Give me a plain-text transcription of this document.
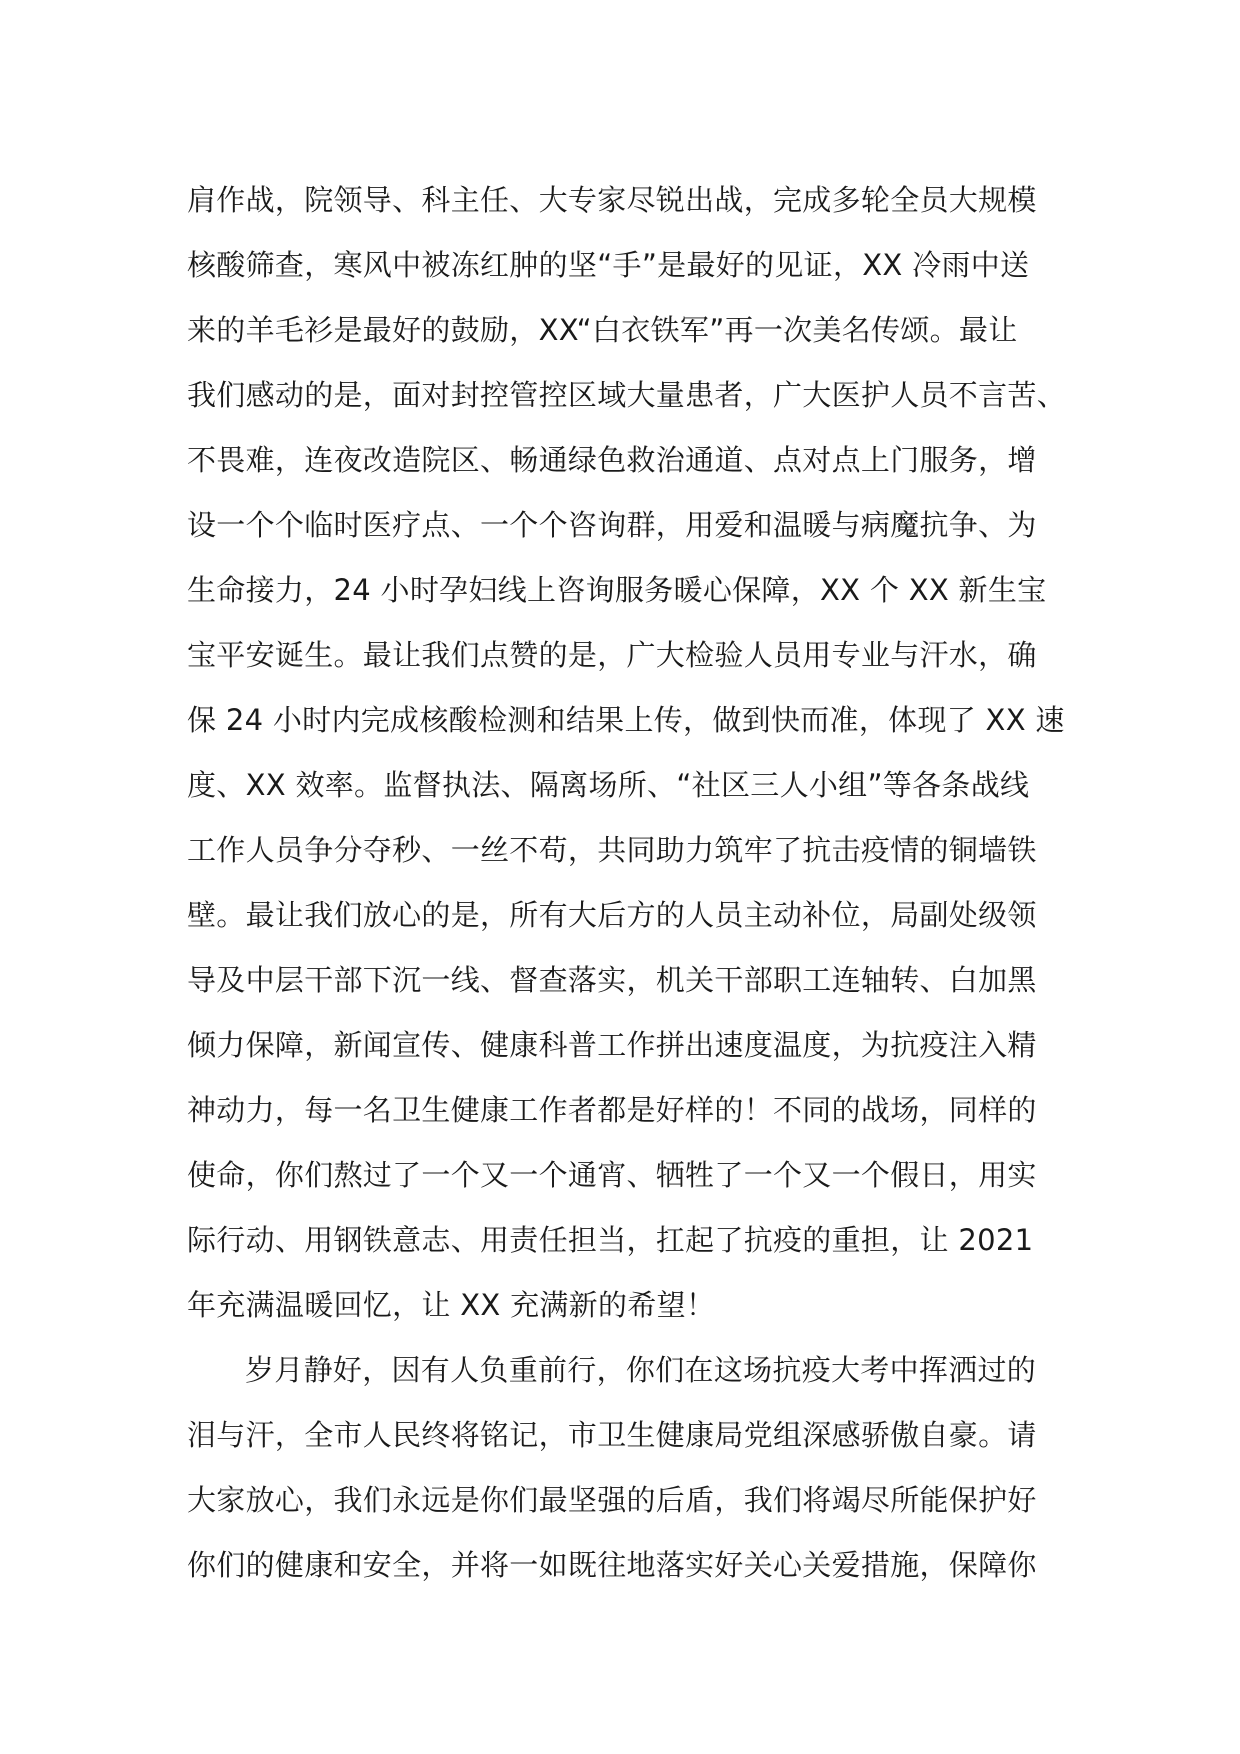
肩作战，院领导、科主任、大专家尽锐出战，完成多轮全员大规模
核酸筛查，寒风中被冻红肿的坚“手”是最好的见证，XX 冷雨中送
来的羊毛衫是最好的鼓励，XX“白衣铁军”再一次美名传颂。最让
我们感动的是，面对封控管控区域大量患者，广大医护人员不言苦、
不畏难，连夜改造院区、畅通绿色救治通道、点对点上门服务，增
设一个个临时医疗点、一个个咨询群，用爱和温暖与病魔抗争、为
生命接力，24 小时孕妇线上咨询服务暖心保障，XX 个 XX 新生宝
宝平安诞生。最让我们点赞的是，广大检验人员用专业与汗水，确
保 24 小时内完成核酸检测和结果上传，做到快而准，体现了 XX 速
度、XX 效率。监督执法、隔离场所、“社区三人小组”等各条战线
工作人员争分夺秒、一丝不苟，共同助力筑牢了抗击疫情的铜墙铁
壁。最让我们放心的是，所有大后方的人员主动补位，局副处级领
导及中层干部下沉一线、督查落实，机关干部职工连轴转、白加黑
倾力保障，新闻宣传、健康科普工作拼出速度温度，为抗疫注入精
神动力，每一名卫生健康工作者都是好样的！不同的战场，同样的
使命，你们熬过了一个又一个通宵、牺牲了一个又一个假日，用实
际行动、用钢铁意志、用责任担当，扛起了抗疫的重担，让 2021
年充满温暖回忆，让 XX 充满新的希望！
岁月静好，因有人负重前行，你们在这场抗疫大考中挥洒过的
泪与汗，全市人民终将铭记，市卫生健康局党组深感骄傲自豪。请
大家放心，我们永远是你们最坚强的后盾，我们将竭尽所能保护好
你们的健康和安全，并将一如既往地落实好关心关爱措施，保障你
